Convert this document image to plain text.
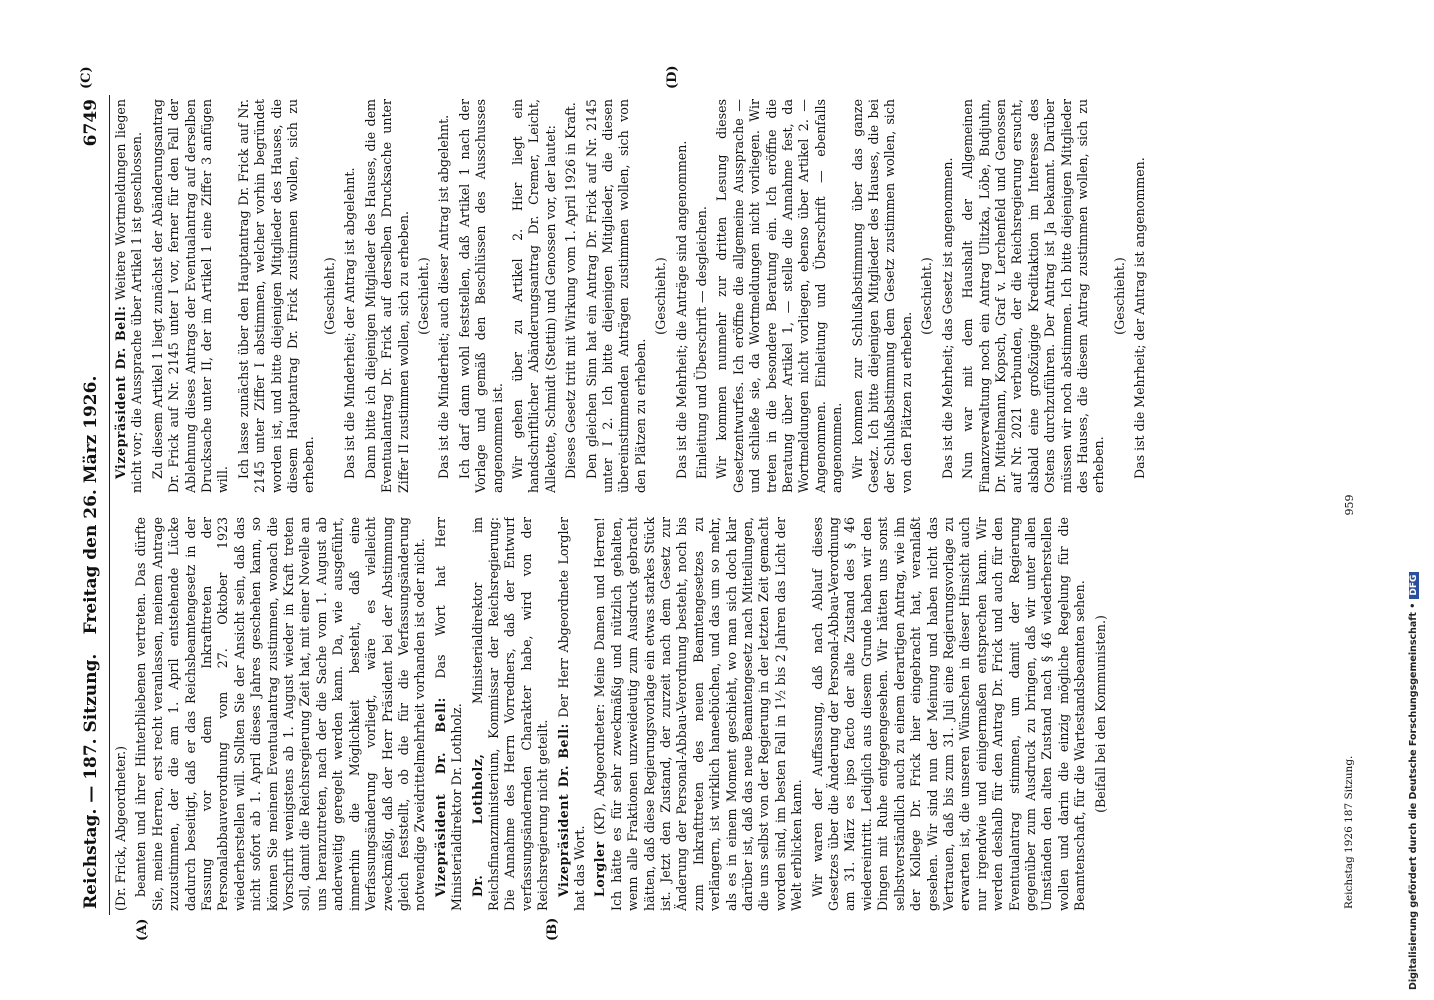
Reichstag. — 187. Sitzung.
Freitag den 26. März 1926.
6749
(A)	(B)
(C)	(D)

(Dr. Frick, Abgeordneter.) beamten und ihrer Hinterbliebenen vertreten. Das dürfte Sie, meine Herren, erst recht veranlassen, meinem Antrage zuzustimmen, der die am 1. April entstehende Lücke dadurch beseitigt, daß er das Reichsbeamtengesetz in der Fassung vor dem Inkrafttreten der Personalabbauverordnung vom 27. Oktober 1923 wiederherstellen will. Sollten Sie der Ansicht sein, daß das nicht sofort ab 1. April dieses Jahres geschehen kann, so können Sie meinem Eventualantrag zustimmen, wonach die Vorschrift wenigstens ab 1. August wieder in Kraft treten soll, damit die Reichsregierung Zeit hat, mit einer Novelle an uns heranzutreten, nach der die Sache vom 1. August ab anderweitig geregelt werden kann. Da, wie ausgeführt, immerhin die Möglichkeit besteht, daß eine Verfassungsänderung vorliegt, wäre es vielleicht zweckmäßig, daß der Herr Präsident bei der Abstimmung gleich feststellt, ob die für die Verfassungsänderung notwendige Zweidrittelmehrheit vorhanden ist oder nicht. Vizepräsident Dr. Bell: Das Wort hat Herr Ministerialdirektor Dr. Lothholz. Dr. Lothholz, Ministerialdirektor im Reichsfinanzministerium, Kommissar der Reichsregierung: Die Annahme des Herrn Vorredners, daß der Entwurf verfassungsändernden Charakter habe, wird von der Reichsregierung nicht geteilt. Vizepräsident Dr. Bell: Der Herr Abgeordnete Lorgler hat das Wort. Lorgler (KP), Abgeordneter: Meine Damen und Herren! Ich hätte es für sehr zweckmäßig und nützlich gehalten, wenn alle Fraktionen unzweideutig zum Ausdruck gebracht hätten, daß diese Regierungsvorlage ein etwas starkes Stück ist. Jetzt den Zustand, der zurzeit nach dem Gesetz zur Änderung der Personal-Abbau-Verordnung besteht, noch bis zum Inkrafttreten des neuen Beamtengesetzes zu verlängern, ist wirklich haneebüchen, und das um so mehr, als es in einem Moment geschieht, wo man sich doch klar darüber ist, daß das neue Beamtengesetz nach Mitteilungen, die uns selbst von der Regierung in der letzten Zeit gemacht worden sind, im besten Fall in 1½ bis 2 Jahren das Licht der Welt erblicken kann. Wir waren der Auffassung, daß nach Ablauf dieses Gesetzes über die Änderung der Personal-Abbau-Verordnung am 31. März es ipso facto der alte Zustand des § 46 wiedereintritt. Lediglich aus diesem Grunde haben wir den Dingen mit Ruhe entgegengesehen. Wir hätten uns sonst selbstverständlich auch zu einem derartigen Antrag, wie ihn der Kollege Dr. Frick hier eingebracht hat, veranlaßt gesehen. Wir sind nun der Meinung und haben nicht das Vertrauen, daß bis zum 31. Juli eine Regierungsvorlage zu erwarten ist, die unseren Wünschen in dieser Hinsicht auch nur irgendwie und einigermaßen entsprechen kann. Wir werden deshalb für den Antrag Dr. Frick und auch für den Eventualantrag stimmen, um damit der Regierung gegenüber zum Ausdruck zu bringen, daß wir unter allen Umständen den alten Zustand nach § 46 wiederherstellen wollen und darin die einzig mögliche Regelung für die Beamtenschaft, für die Wartestandsbeamten sehen. (Beifall bei den Kommunisten.)

Vizepräsident Dr. Bell: Weitere Wortmeldungen liegen nicht vor; die Aussprache über Artikel 1 ist geschlossen. Zu diesem Artikel 1 liegt zunächst der Abänderungsantrag Dr. Frick auf Nr. 2145 unter I vor, ferner für den Fall der Ablehnung dieses Antrags der Eventualantrag auf derselben Drucksache unter II, der im Artikel 1 eine Ziffer 3 anfügen will.

Ich lasse zunächst über den Hauptantrag Dr. Frick auf Nr. 2145 unter Ziffer I abstimmen, welcher vorhin begründet worden ist, und bitte diejenigen Mitglieder des Hauses, die diesem Hauptantrag Dr. Frick zustimmen wollen, sich zu erheben.

(Geschieht.) Das ist die Minderheit; der Antrag ist abgelehnt. Dann bitte ich diejenigen Mitglieder des Hauses, die dem Eventualantrag Dr. Frick auf derselben Drucksache unter Ziffer II zustimmen wollen, sich zu erheben. (Geschieht.) Das ist die Minderheit; auch dieser Antrag ist abgelehnt. Ich darf dann wohl feststellen, daß Artikel 1 nach der Vorlage und gemäß den Beschlüssen des Ausschusses angenommen ist. Wir gehen über zu Artikel 2. Hier liegt ein handschriftlicher Abänderungsantrag Dr. Cremer, Leicht, Allekotte, Schmidt (Stettin) und Genossen vor, der lautet: Dieses Gesetz tritt mit Wirkung vom 1. April 1926 in Kraft. Den gleichen Sinn hat ein Antrag Dr. Frick auf Nr. 2145 unter I 2. Ich bitte diejenigen Mitglieder, die diesen übereinstimmenden Anträgen zustimmen wollen, sich von den Plätzen zu erheben.

(Geschieht.) Das ist die Mehrheit; die Anträge sind angenommen. Einleitung und Überschrift — desgleichen. Wir kommen nunmehr zur dritten Lesung dieses Gesetzentwurfes. Ich eröffne die allgemeine Aussprache — und schließe sie, da Wortmeldungen nicht vorliegen. Wir treten in die besondere Beratung ein. Ich eröffne die Beratung über Artikel 1, — stelle die Annahme fest, da Wortmeldungen nicht vorliegen, ebenso über Artikel 2. — Angenommen. Einleitung und Überschrift — ebenfalls angenommen. Wir kommen zur Schlußabstimmung über das ganze Gesetz. Ich bitte diejenigen Mitglieder des Hauses, die bei der Schlußabstimmung dem Gesetz zustimmen wollen, sich von den Plätzen zu erheben.

(Geschieht.) Das ist die Mehrheit; das Gesetz ist angenommen. Nun war mit dem Haushalt der Allgemeinen Finanzverwaltung noch ein Antrag Ulitzka, Löbe, Budjuhn, Dr. Mittelmann, Kopsch, Graf v. Lerchenfeld und Genossen auf Nr. 2021 verbunden, der die Reichsregierung ersucht, alsbald eine großzügige Kreditaktion im Interesse des Ostens durchzuführen. Der Antrag ist Ja bekannt. Darüber müssen wir noch abstimmen. Ich bitte diejenigen Mitglieder des Hauses, die diesem Antrag zustimmen wollen, sich zu erheben.

(Geschieht.) Das ist die Mehrheit; der Antrag ist angenommen.

Reichstag 1926 187 Sitzung.
959
Digitalisierung gefördert durch die Deutsche Forschungsgemeinschaft •DFG
